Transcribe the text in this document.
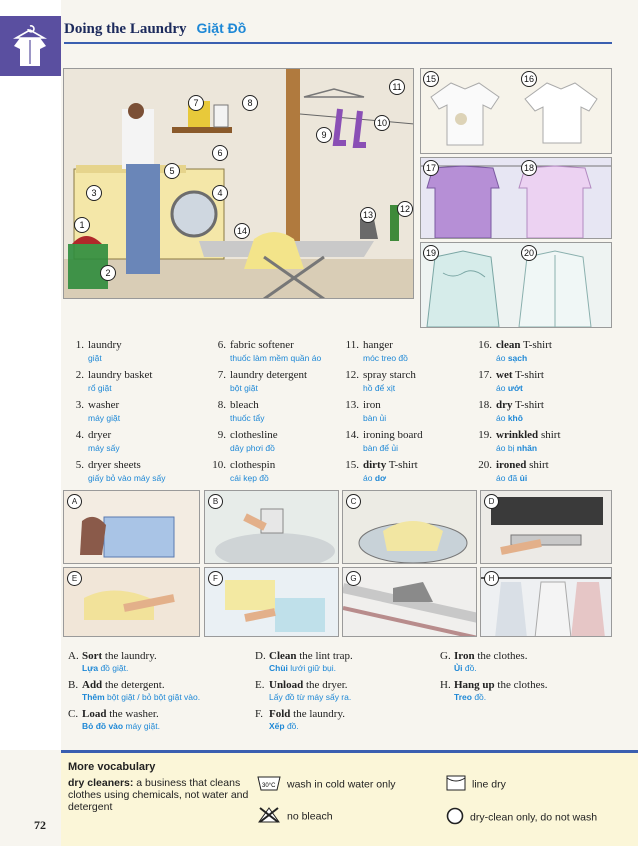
Doing the Laundry Giặt Đồ
1
2
3	4
5
6
7	8
9
10
11
12
13
14
15	16
17	18
19	20
1. laundry
giặt
2. laundry basket
rổ giặt
3. washer
máy giặt
4. dryer
máy sấy
5. dryer sheets
giấy bỏ vào máy sấy
6. fabric softener
thuốc làm mềm quần áo
7. laundry detergent
bột giặt
8. bleach
thuốc tẩy
9. clothesline
dây phơi đồ
10. clothespin
cái kẹp đồ
11. hanger
móc treo đồ
12. spray starch
hồ để xịt
13. iron
bàn ủi
14. ironing board
bàn để ủi
15. dirty T-shirt
áo dơ
16. clean T-shirt
áo sạch
17. wet T-shirt
áo ướt
18. dry T-shirt
áo khô
19. wrinkled shirt
áo bị nhăn
20. ironed shirt
áo đã ủi
A	B	C	D
E	F	G	H
A. Sort the laundry.
Lựa đồ giặt.
B. Add the detergent.
Thêm bột giặt / bỏ bột giặt vào.
C. Load the washer.
Bỏ đồ vào máy giặt.
D. Clean the lint trap.
Chùi lưới giữ bụi.
E. Unload the dryer.
Lấy đồ từ máy sấy ra.
F. Fold the laundry.
Xếp đồ.
G. Iron the clothes.
Ủi đồ.
H. Hang up the clothes.
Treo đồ.
More vocabulary
dry cleaners: a business that cleans clothes using chemicals, not water and detergent
30°C wash in cold water only
no bleach
line dry
dry-clean only, do not wash
72
